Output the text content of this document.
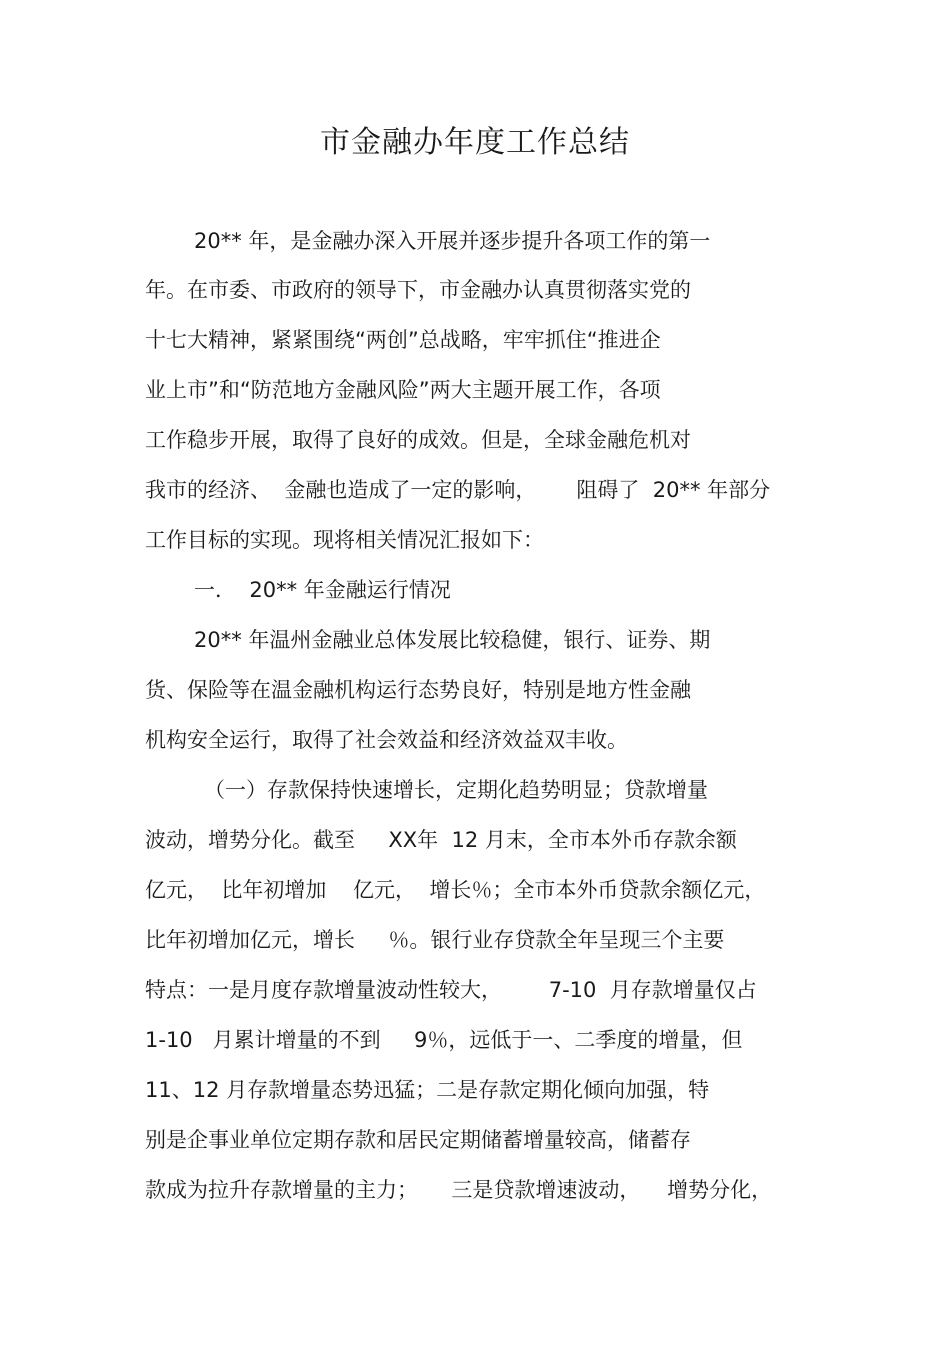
市金融办年度工作总结
20** 年，是金融办深入开展并逐步提升各项工作的第一
年。在市委、市政府的领导下，市金融办认真贯彻落实党的
十七大精神，紧紧围绕“两创”总战略，牢牢抓住“推进企
业上市”和“防范地方金融风险”两大主题开展工作，各项
工作稳步开展，取得了良好的成效。但是，全球金融危机对
我市的经济、  金融也造成了一定的影响，      阻碍了  20** 年部分
工作目标的实现。现将相关情况汇报如下：
一．  20** 年金融运行情况
20** 年温州金融业总体发展比较稳健，银行、证券、期
货、保险等在温金融机构运行态势良好，特别是地方性金融
机构安全运行，取得了社会效益和经济效益双丰收。
（一）存款保持快速增长，定期化趋势明显；贷款增量
波动，增势分化。截至     XX年  12 月末，全市本外币存款余额
亿元，  比年初增加    亿元，  增长％；全市本外币贷款余额亿元，
比年初增加亿元，增长     ％。银行业存贷款全年呈现三个主要
特点：一是月度存款增量波动性较大，       7-10  月存款增量仅占
1-10   月累计增量的不到     9％，远低于一、二季度的增量，但
11、12 月存款增量态势迅猛；二是存款定期化倾向加强，特
别是企事业单位定期存款和居民定期储蓄增量较高，储蓄存
款成为拉升存款增量的主力；     三是贷款增速波动，    增势分化，
